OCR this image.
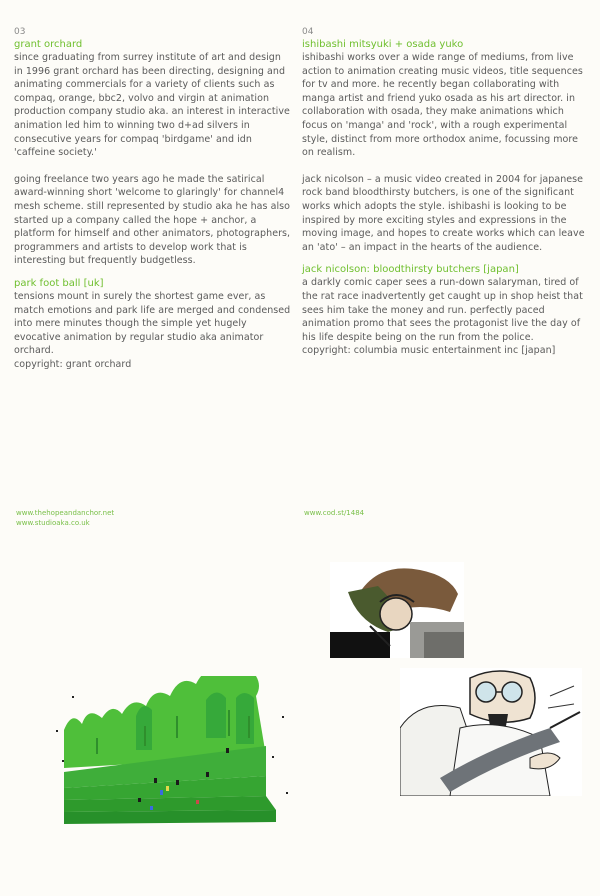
03

grant orchard

since graduating from surrey institute of art and design in 1996 grant orchard has been directing, designing and animating commercials for a variety of clients such as compaq, orange, bbc2, volvo and virgin at animation production company studio aka. an interest in interactive animation led him to winning two d+ad silvers in consecutive years for compaq 'birdgame' and idn 'caffeine society.'

going freelance two years ago he made the satirical award-winning short 'welcome to glaringly' for channel4 mesh scheme. still represented by studio aka he has also started up a company called the hope + anchor, a platform for himself and other animators, photographers, programmers and artists to develop work that is interesting but frequently budgetless.

park foot ball [uk]

tensions mount in surely the shortest game ever, as match emotions and park life are merged and condensed into mere minutes though the simple yet hugely evocative animation by regular studio aka animator orchard.

copyright: grant orchard

www.thehopeandanchor.net

www.studioaka.co.uk

04

ishibashi mitsyuki + osada yuko

ishibashi works over a wide range of mediums, from live action to animation creating music videos, title sequences for tv and more. he recently began collaborating with manga artist and friend yuko osada as his art director. in collaboration with osada, they make animations which focus on 'manga' and 'rock', with a rough experimental style, distinct from more orthodox anime, focussing more on realism.

jack nicolson – a music video created in 2004 for japanese rock band bloodthirsty butchers, is one of the significant works which adopts the style. ishibashi is looking to be inspired by more exciting styles and expressions in the moving image, and hopes to create works which can leave an 'ato' – an impact in the hearts of the audience.

jack nicolson: bloodthirsty butchers [japan]

a darkly comic caper sees a run-down salaryman, tired of the rat race inadvertently get caught up in shop heist that sees him take the money and run. perfectly paced animation promo that sees the protagonist live the day of his life despite being on the run from the police.

copyright: columbia music entertainment inc [japan]

www.cod.st/1484
